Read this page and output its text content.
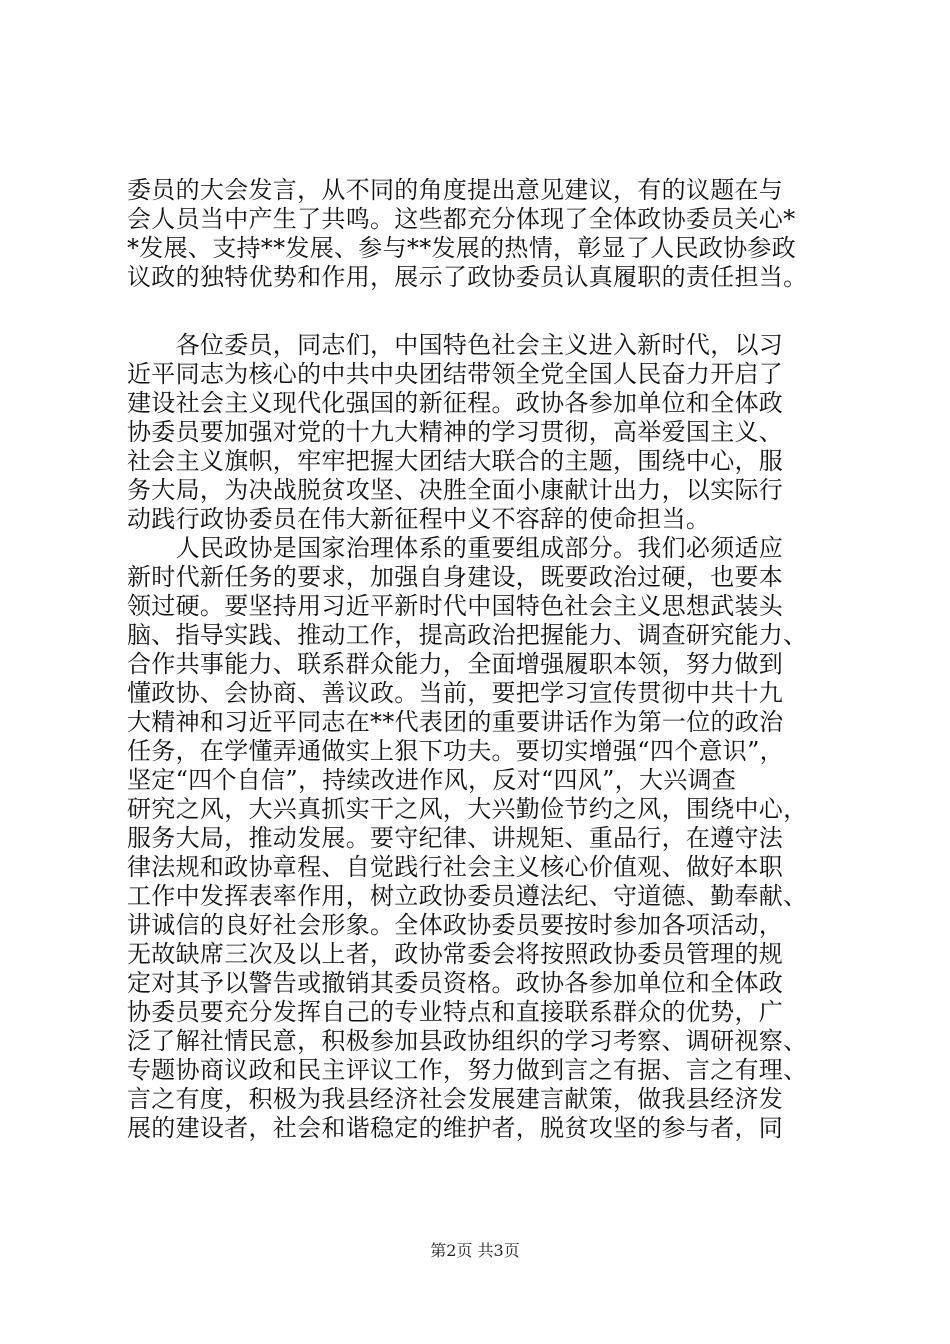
委员的大会发言，从不同的角度提出意见建议，有的议题在与
会人员当中产生了共鸣。这些都充分体现了全体政协委员关心*
*发展、支持**发展、参与**发展的热情，彰显了人民政协参政
议政的独特优势和作用，展示了政协委员认真履职的责任担当。
　　各位委员，同志们，中国特色社会主义进入新时代，以习
近平同志为核心的中共中央团结带领全党全国人民奋力开启了
建设社会主义现代化强国的新征程。政协各参加单位和全体政
协委员要加强对党的十九大精神的学习贯彻，高举爱国主义、
社会主义旗帜，牢牢把握大团结大联合的主题，围绕中心，服
务大局，为决战脱贫攻坚、决胜全面小康献计出力，以实际行
动践行政协委员在伟大新征程中义不容辞的使命担当。
　　人民政协是国家治理体系的重要组成部分。我们必须适应
新时代新任务的要求，加强自身建设，既要政治过硬，也要本
领过硬。要坚持用习近平新时代中国特色社会主义思想武装头
脑、指导实践、推动工作，提高政治把握能力、调查研究能力、
合作共事能力、联系群众能力，全面增强履职本领，努力做到
懂政协、会协商、善议政。当前，要把学习宣传贯彻中共十九
大精神和习近平同志在**代表团的重要讲话作为第一位的政治
任务，在学懂弄通做实上狠下功夫。要切实增强“四个意识”，
坚定“四个自信”，持续改进作风，反对“四风”，大兴调查
研究之风，大兴真抓实干之风，大兴勤俭节约之风，围绕中心，
服务大局，推动发展。要守纪律、讲规矩、重品行，在遵守法
律法规和政协章程、自觉践行社会主义核心价值观、做好本职
工作中发挥表率作用，树立政协委员遵法纪、守道德、勤奉献、
讲诚信的良好社会形象。全体政协委员要按时参加各项活动，
无故缺席三次及以上者，政协常委会将按照政协委员管理的规
定对其予以警告或撤销其委员资格。政协各参加单位和全体政
协委员要充分发挥自己的专业特点和直接联系群众的优势，广
泛了解社情民意，积极参加县政协组织的学习考察、调研视察、
专题协商议政和民主评议工作，努力做到言之有据、言之有理、
言之有度，积极为我县经济社会发展建言献策，做我县经济发
展的建设者，社会和谐稳定的维护者，脱贫攻坚的参与者，同
第2页 共3页
